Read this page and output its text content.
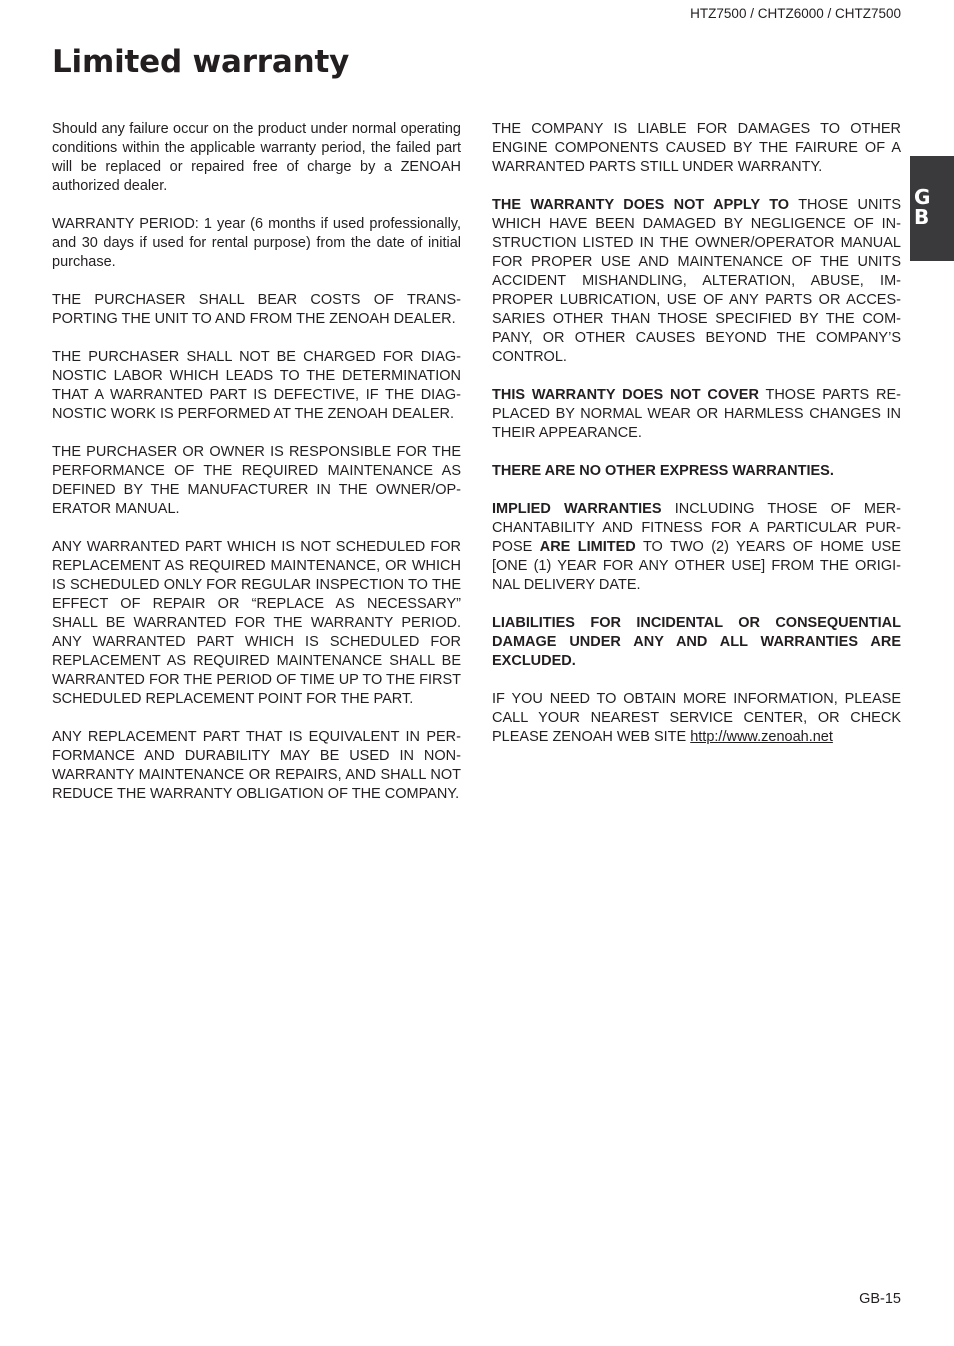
HTZ7500 / CHTZ6000 / CHTZ7500
Limited warranty
G
B

Should any failure occur on the product under normal operating conditions within the applicable warranty period, the failed part will be replaced or repaired free of charge by a ZENOAH authorized dealer.

WARRANTY PERIOD: 1 year (6 months if used professionally, and 30 days if used for rental purpose) from the date of initial purchase.

THE PURCHASER SHALL BEAR COSTS OF TRANSPORTING THE UNIT TO AND FROM THE ZENOAH DEALER.

THE PURCHASER SHALL NOT BE CHARGED FOR DIAGNOSTIC LABOR WHICH LEADS TO THE DETERMINATION THAT A WARRANTED PART IS DEFECTIVE, IF THE DIAGNOSTIC WORK IS PERFORMED AT THE ZENOAH DEALER.

THE PURCHASER OR OWNER IS RESPONSIBLE FOR THE PERFORMANCE OF THE REQUIRED MAINTENANCE AS DEFINED BY THE MANUFACTURER IN THE OWNER/OPERATOR MANUAL.

ANY WARRANTED PART WHICH IS NOT SCHEDULED FOR REPLACEMENT AS REQUIRED MAINTENANCE, OR WHICH IS SCHEDULED ONLY FOR REGULAR INSPECTION TO THE EFFECT OF REPAIR OR “REPLACE AS NECESSARY” SHALL BE WARRANTED FOR THE WARRANTY PERIOD. ANY WARRANTED PART WHICH IS SCHEDULED FOR REPLACEMENT AS REQUIRED MAINTENANCE SHALL BE WARRANTED FOR THE PERIOD OF TIME UP TO THE FIRST SCHEDULED REPLACEMENT POINT FOR THE PART.

ANY REPLACEMENT PART THAT IS EQUIVALENT IN PERFORMANCE AND DURABILITY MAY BE USED IN NON-WARRANTY MAINTENANCE OR REPAIRS, AND SHALL NOT REDUCE THE WARRANTY OBLIGATION OF THE COMPANY.

THE COMPANY IS LIABLE FOR DAMAGES TO OTHER ENGINE COMPONENTS CAUSED BY THE FAIRURE OF A WARRANTED PARTS STILL UNDER WARRANTY.

THE WARRANTY DOES NOT APPLY TO THOSE UNITS WHICH HAVE BEEN DAMAGED BY NEGLIGENCE OF INSTRUCTION LISTED IN THE OWNER/OPERATOR MANUAL FOR PROPER USE AND MAINTENANCE OF THE UNITS ACCIDENT MISHANDLING, ALTERATION, ABUSE, IMPROPER LUBRICATION, USE OF ANY PARTS OR ACCESSARIES OTHER THAN THOSE SPECIFIED BY THE COMPANY, OR OTHER CAUSES BEYOND THE COMPANY’S CONTROL.

THIS WARRANTY DOES NOT COVER THOSE PARTS REPLACED BY NORMAL WEAR OR HARMLESS CHANGES IN THEIR APPEARANCE.

THERE ARE NO OTHER EXPRESS WARRANTIES.

IMPLIED WARRANTIES INCLUDING THOSE OF MERCHANTABILITY AND FITNESS FOR A PARTICULAR PURPOSE ARE LIMITED TO TWO (2) YEARS OF HOME USE [ONE (1) YEAR FOR ANY OTHER USE] FROM THE ORIGINAL DELIVERY DATE.

LIABILITIES FOR INCIDENTAL OR CONSEQUENTIAL DAMAGE UNDER ANY AND ALL WARRANTIES ARE EXCLUDED.

IF YOU NEED TO OBTAIN MORE INFORMATION, PLEASE CALL YOUR NEAREST SERVICE CENTER, OR CHECK PLEASE ZENOAH WEB SITE http://www.zenoah.net

GB-15
